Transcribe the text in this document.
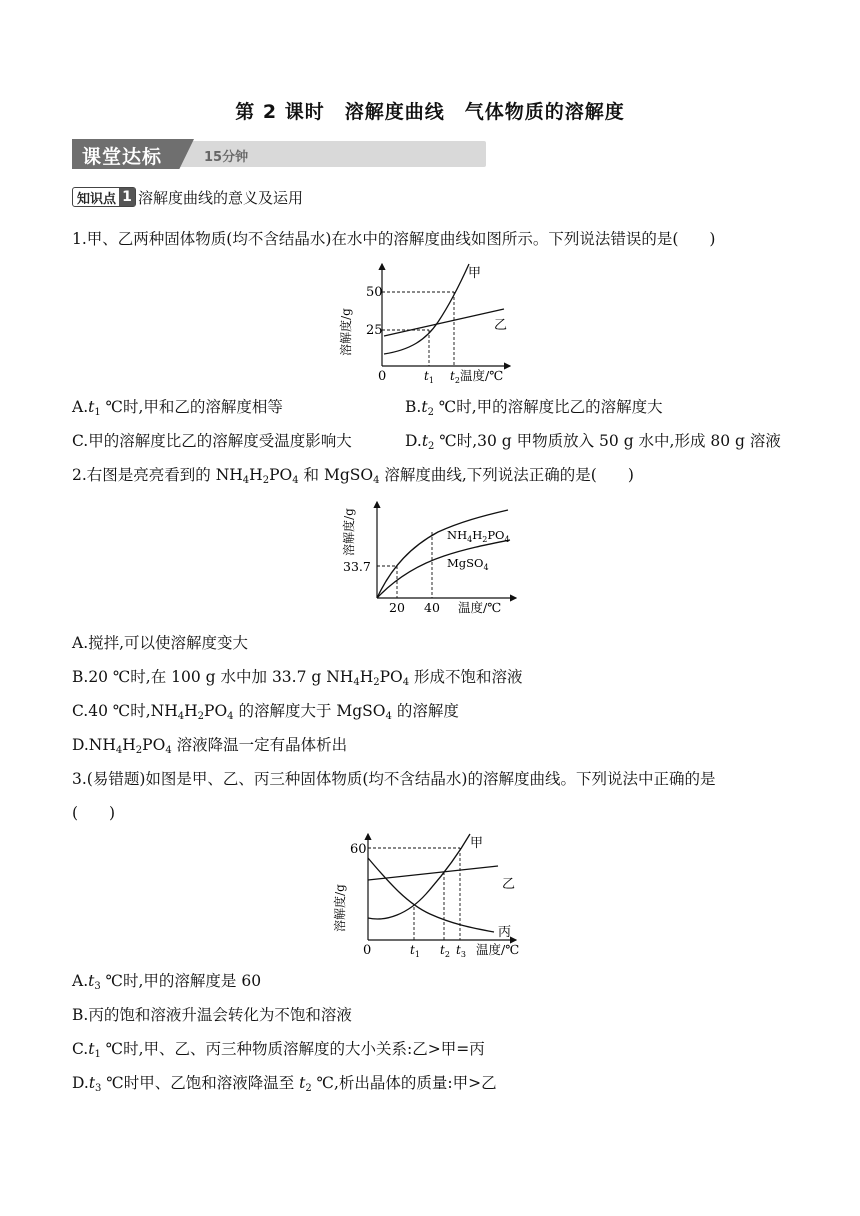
第 2 课时　溶解度曲线　气体物质的溶解度
课堂达标	15分钟
知识点 1 溶解度曲线的意义及运用
1.甲、乙两种固体物质(均不含结晶水)在水中的溶解度曲线如图所示。下列说法错误的是(　　)
溶解度/g
50
25
0	$t_1$ $t_2$ 温度/℃
甲
乙
$A.t_1$ ℃时,甲和乙的溶解度相等	$B.t_2$ ℃时,甲的溶解度比乙的溶解度大
C.甲的溶解度比乙的溶解度受温度影响大	$D.t_2$ ℃时,30 g 甲物质放入 50 g 水中,形成 80 g 溶液
2.右图是亮亮看到的 $NH_4H_2PO_4$ 和 MgSO$_4$ 溶解度曲线,下列说法正确的是(　　)
溶解度/g
33.7
20 40 温度/℃
$NH_4H_2PO_4$
MgSO$_4$
A.搅拌,可以使溶解度变大
B.20 ℃时,在 100 g 水中加 33.7 g $NH_4H_2PO_4$ 形成不饱和溶液
C.40 ℃时$,NH_4H_2PO_4$ 的溶解度大于 MgSO$_4$ 的溶解度
$D.NH_4H_2PO_4$ 溶液降温一定有晶体析出
3.(易错题)如图是甲、乙、丙三种固体物质(均不含结晶水)的溶解度曲线。下列说法中正确的是
(　　)
溶解度/g
60
0	$t_1$ $t_2$ $t_3$ 温度/℃
甲
乙
丙
$A.t_3$ ℃时,甲的溶解度是 60
B.丙的饱和溶液升温会转化为不饱和溶液
$C.t_1$ ℃时,甲、乙、丙三种物质溶解度的大小关系:乙>甲=丙
$D.t_3$ ℃时甲、乙饱和溶液降温至 $t_2$ ℃,析出晶体的质量:甲>乙
